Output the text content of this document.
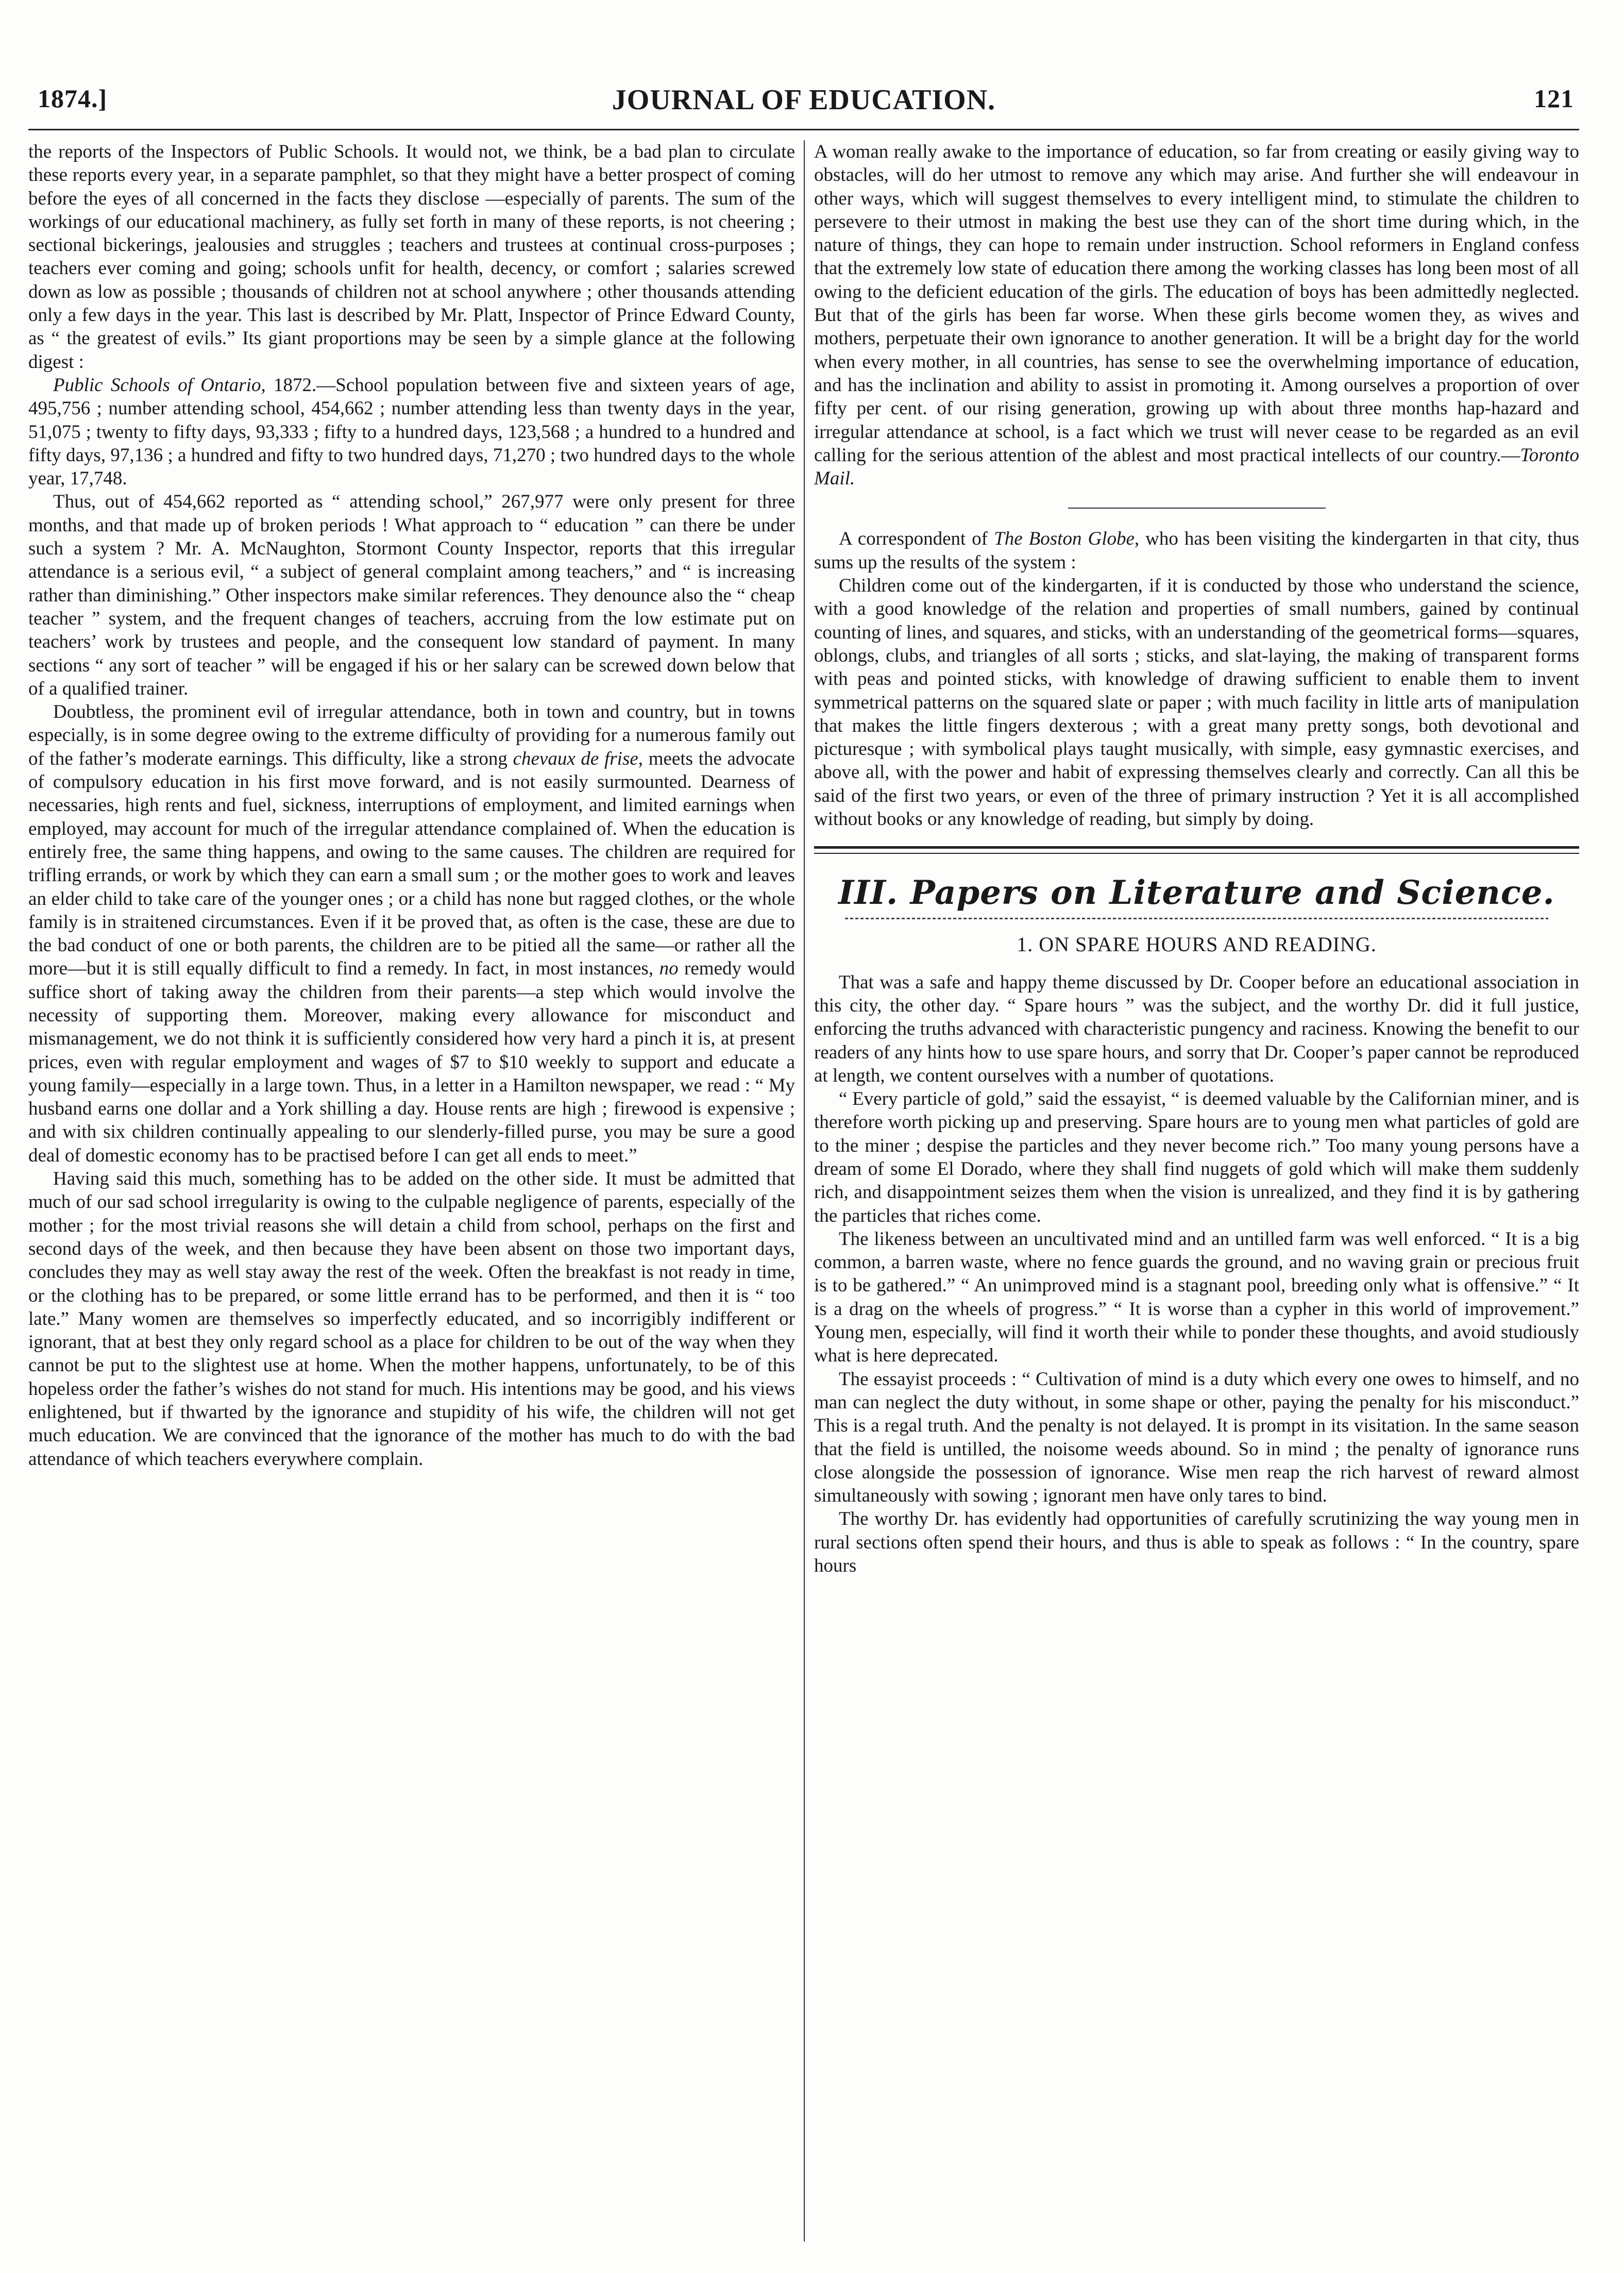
1874.]	JOURNAL OF EDUCATION.	121

the reports of the Inspectors of Public Schools. It would not, we think, be a bad plan to circulate these reports every year, in a separate pamphlet, so that they might have a better prospect of coming before the eyes of all concerned in the facts they disclose —especially of parents. The sum of the workings of our educational machinery, as fully set forth in many of these reports, is not cheering ; sectional bickerings, jealousies and struggles ; teachers and trustees at continual cross-purposes ; teachers ever coming and going; schools unfit for health, decency, or comfort ; salaries screwed down as low as possible ; thousands of children not at school anywhere ; other thousands attending only a few days in the year. This last is described by Mr. Platt, Inspector of Prince Edward County, as “ the greatest of evils.” Its giant proportions may be seen by a simple glance at the following digest :

Public Schools of Ontario, 1872.—School population between five and sixteen years of age, 495,756 ; number attending school, 454,662 ; number attending less than twenty days in the year, 51,075 ; twenty to fifty days, 93,333 ; fifty to a hundred days, 123,568 ; a hundred to a hundred and fifty days, 97,136 ; a hundred and fifty to two hundred days, 71,270 ; two hundred days to the whole year, 17,748.

Thus, out of 454,662 reported as “ attending school,” 267,977 were only present for three months, and that made up of broken periods ! What approach to “ education ” can there be under such a system ? Mr. A. McNaughton, Stormont County Inspector, reports that this irregular attendance is a serious evil, “ a subject of general complaint among teachers,” and “ is increasing rather than diminishing.” Other inspectors make similar references. They denounce also the “ cheap teacher ” system, and the frequent changes of teachers, accruing from the low estimate put on teachers’ work by trustees and people, and the consequent low standard of payment. In many sections “ any sort of teacher ” will be engaged if his or her salary can be screwed down below that of a qualified trainer.

Doubtless, the prominent evil of irregular attendance, both in town and country, but in towns especially, is in some degree owing to the extreme difficulty of providing for a numerous family out of the father’s moderate earnings. This difficulty, like a strong chevaux de frise, meets the advocate of compulsory education in his first move forward, and is not easily surmounted. Dearness of necessaries, high rents and fuel, sickness, interruptions of employment, and limited earnings when employed, may account for much of the irregular attendance complained of. When the education is entirely free, the same thing happens, and owing to the same causes. The children are required for trifling errands, or work by which they can earn a small sum ; or the mother goes to work and leaves an elder child to take care of the younger ones ; or a child has none but ragged clothes, or the whole family is in straitened circumstances. Even if it be proved that, as often is the case, these are due to the bad conduct of one or both parents, the children are to be pitied all the same—or rather all the more—but it is still equally difficult to find a remedy. In fact, in most instances, no remedy would suffice short of taking away the children from their parents—a step which would involve the necessity of supporting them. Moreover, making every allowance for misconduct and mismanagement, we do not think it is sufficiently considered how very hard a pinch it is, at present prices, even with regular employment and wages of $7 to $10 weekly to support and educate a young family—especially in a large town. Thus, in a letter in a Hamilton newspaper, we read : “ My husband earns one dollar and a York shilling a day. House rents are high ; firewood is expensive ; and with six children continually appealing to our slenderly-filled purse, you may be sure a good deal of domestic economy has to be practised before I can get all ends to meet.”

Having said this much, something has to be added on the other side. It must be admitted that much of our sad school irregularity is owing to the culpable negligence of parents, especially of the mother ; for the most trivial reasons she will detain a child from school, perhaps on the first and second days of the week, and then because they have been absent on those two important days, concludes they may as well stay away the rest of the week. Often the breakfast is not ready in time, or the clothing has to be prepared, or some little errand has to be performed, and then it is “ too late.” Many women are themselves so imperfectly educated, and so incorrigibly indifferent or ignorant, that at best they only regard school as a place for children to be out of the way when they cannot be put to the slightest use at home. When the mother happens, unfortunately, to be of this hopeless order the father’s wishes do not stand for much. His intentions may be good, and his views enlightened, but if thwarted by the ignorance and stupidity of his wife, the children will not get much education. We are convinced that the ignorance of the mother has much to do with the bad attendance of which teachers everywhere complain.

A woman really awake to the importance of education, so far from creating or easily giving way to obstacles, will do her utmost to remove any which may arise. And further she will endeavour in other ways, which will suggest themselves to every intelligent mind, to stimulate the children to persevere to their utmost in making the best use they can of the short time during which, in the nature of things, they can hope to remain under instruction. School reformers in England confess that the extremely low state of education there among the working classes has long been most of all owing to the deficient education of the girls. The education of boys has been admittedly neglected. But that of the girls has been far worse. When these girls become women they, as wives and mothers, perpetuate their own ignorance to another generation. It will be a bright day for the world when every mother, in all countries, has sense to see the overwhelming importance of education, and has the inclination and ability to assist in promoting it. Among ourselves a proportion of over fifty per cent. of our rising generation, growing up with about three months hap-hazard and irregular attendance at school, is a fact which we trust will never cease to be regarded as an evil calling for the serious attention of the ablest and most practical intellects of our country.—Toronto Mail.

A correspondent of The Boston Globe, who has been visiting the kindergarten in that city, thus sums up the results of the system :

Children come out of the kindergarten, if it is conducted by those who understand the science, with a good knowledge of the relation and properties of small numbers, gained by continual counting of lines, and squares, and sticks, with an understanding of the geometrical forms—squares, oblongs, clubs, and triangles of all sorts ; sticks, and slat-laying, the making of transparent forms with peas and pointed sticks, with knowledge of drawing sufficient to enable them to invent symmetrical patterns on the squared slate or paper ; with much facility in little arts of manipulation that makes the little fingers dexterous ; with a great many pretty songs, both devotional and picturesque ; with symbolical plays taught musically, with simple, easy gymnastic exercises, and above all, with the power and habit of expressing themselves clearly and correctly. Can all this be said of the first two years, or even of the three of primary instruction ? Yet it is all accomplished without books or any knowledge of reading, but simply by doing.

III. Papers on Literature and Science.
1. ON SPARE HOURS AND READING.

That was a safe and happy theme discussed by Dr. Cooper before an educational association in this city, the other day. “ Spare hours ” was the subject, and the worthy Dr. did it full justice, enforcing the truths advanced with characteristic pungency and raciness. Knowing the benefit to our readers of any hints how to use spare hours, and sorry that Dr. Cooper’s paper cannot be reproduced at length, we content ourselves with a number of quotations.

“ Every particle of gold,” said the essayist, “ is deemed valuable by the Californian miner, and is therefore worth picking up and preserving. Spare hours are to young men what particles of gold are to the miner ; despise the particles and they never become rich.” Too many young persons have a dream of some El Dorado, where they shall find nuggets of gold which will make them suddenly rich, and disappointment seizes them when the vision is unrealized, and they find it is by gathering the particles that riches come.

The likeness between an uncultivated mind and an untilled farm was well enforced. “ It is a big common, a barren waste, where no fence guards the ground, and no waving grain or precious fruit is to be gathered.” “ An unimproved mind is a stagnant pool, breeding only what is offensive.” “ It is a drag on the wheels of progress.” “ It is worse than a cypher in this world of improvement.” Young men, especially, will find it worth their while to ponder these thoughts, and avoid studiously what is here deprecated.

The essayist proceeds : “ Cultivation of mind is a duty which every one owes to himself, and no man can neglect the duty without, in some shape or other, paying the penalty for his misconduct.” This is a regal truth. And the penalty is not delayed. It is prompt in its visitation. In the same season that the field is untilled, the noisome weeds abound. So in mind ; the penalty of ignorance runs close alongside the possession of ignorance. Wise men reap the rich harvest of reward almost simultaneously with sowing ; ignorant men have only tares to bind.

The worthy Dr. has evidently had opportunities of carefully scrutinizing the way young men in rural sections often spend their hours, and thus is able to speak as follows : “ In the country, spare hours
